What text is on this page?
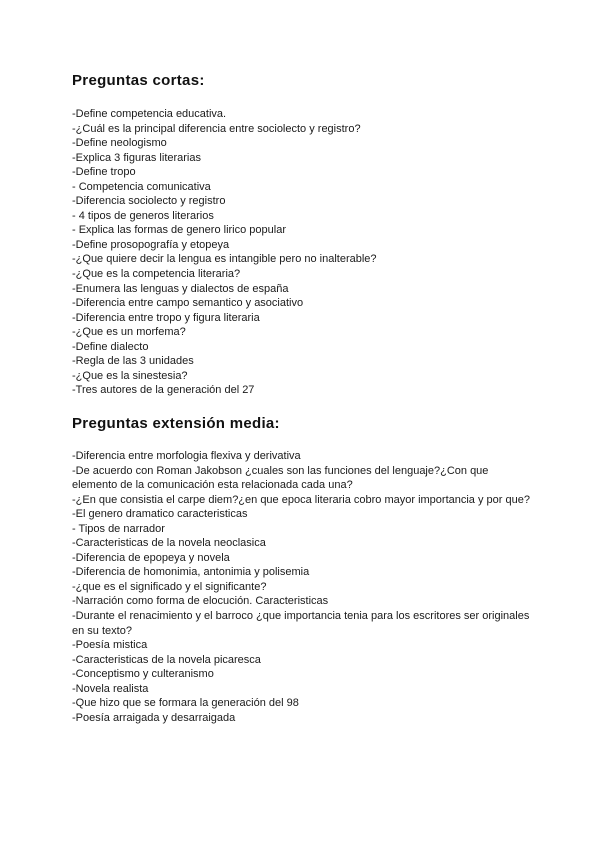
Preguntas cortas:
-Define competencia educativa.
-¿Cuál es la principal diferencia entre sociolecto y registro?
-Define neologismo
-Explica 3 figuras literarias
-Define tropo
- Competencia comunicativa
-Diferencia sociolecto y registro
- 4 tipos de generos literarios
- Explica las formas de genero lirico popular
-Define prosopografía y etopeya
-¿Que quiere decir la lengua es intangible pero no inalterable?
-¿Que es la competencia literaria?
-Enumera las lenguas y dialectos de españa
-Diferencia entre campo semantico y asociativo
-Diferencia entre tropo y figura literaria
-¿Que es un morfema?
-Define dialecto
-Regla de las 3 unidades
-¿Que es la sinestesia?
-Tres autores de la generación del 27
Preguntas extensión media:
-Diferencia entre morfologia flexiva y derivativa
-De acuerdo con Roman Jakobson ¿cuales son las funciones del lenguaje?¿Con que elemento de la comunicación esta relacionada cada una?
-¿En que consistia el carpe diem?¿en que epoca literaria cobro mayor importancia y por que?
-El genero dramatico caracteristicas
- Tipos de narrador
-Caracteristicas de la novela neoclasica
-Diferencia de epopeya y novela
-Diferencia de homonimia, antonimia y polisemia
-¿que es el significado y el significante?
-Narración como forma de elocución. Caracteristicas
-Durante el renacimiento y el barroco ¿que importancia tenia para los escritores ser originales en su texto?
-Poesía mistica
-Caracteristicas de la novela picaresca
-Conceptismo y culteranismo
-Novela realista
-Que hizo que se formara la generación del 98
-Poesía arraigada y desarraigada
